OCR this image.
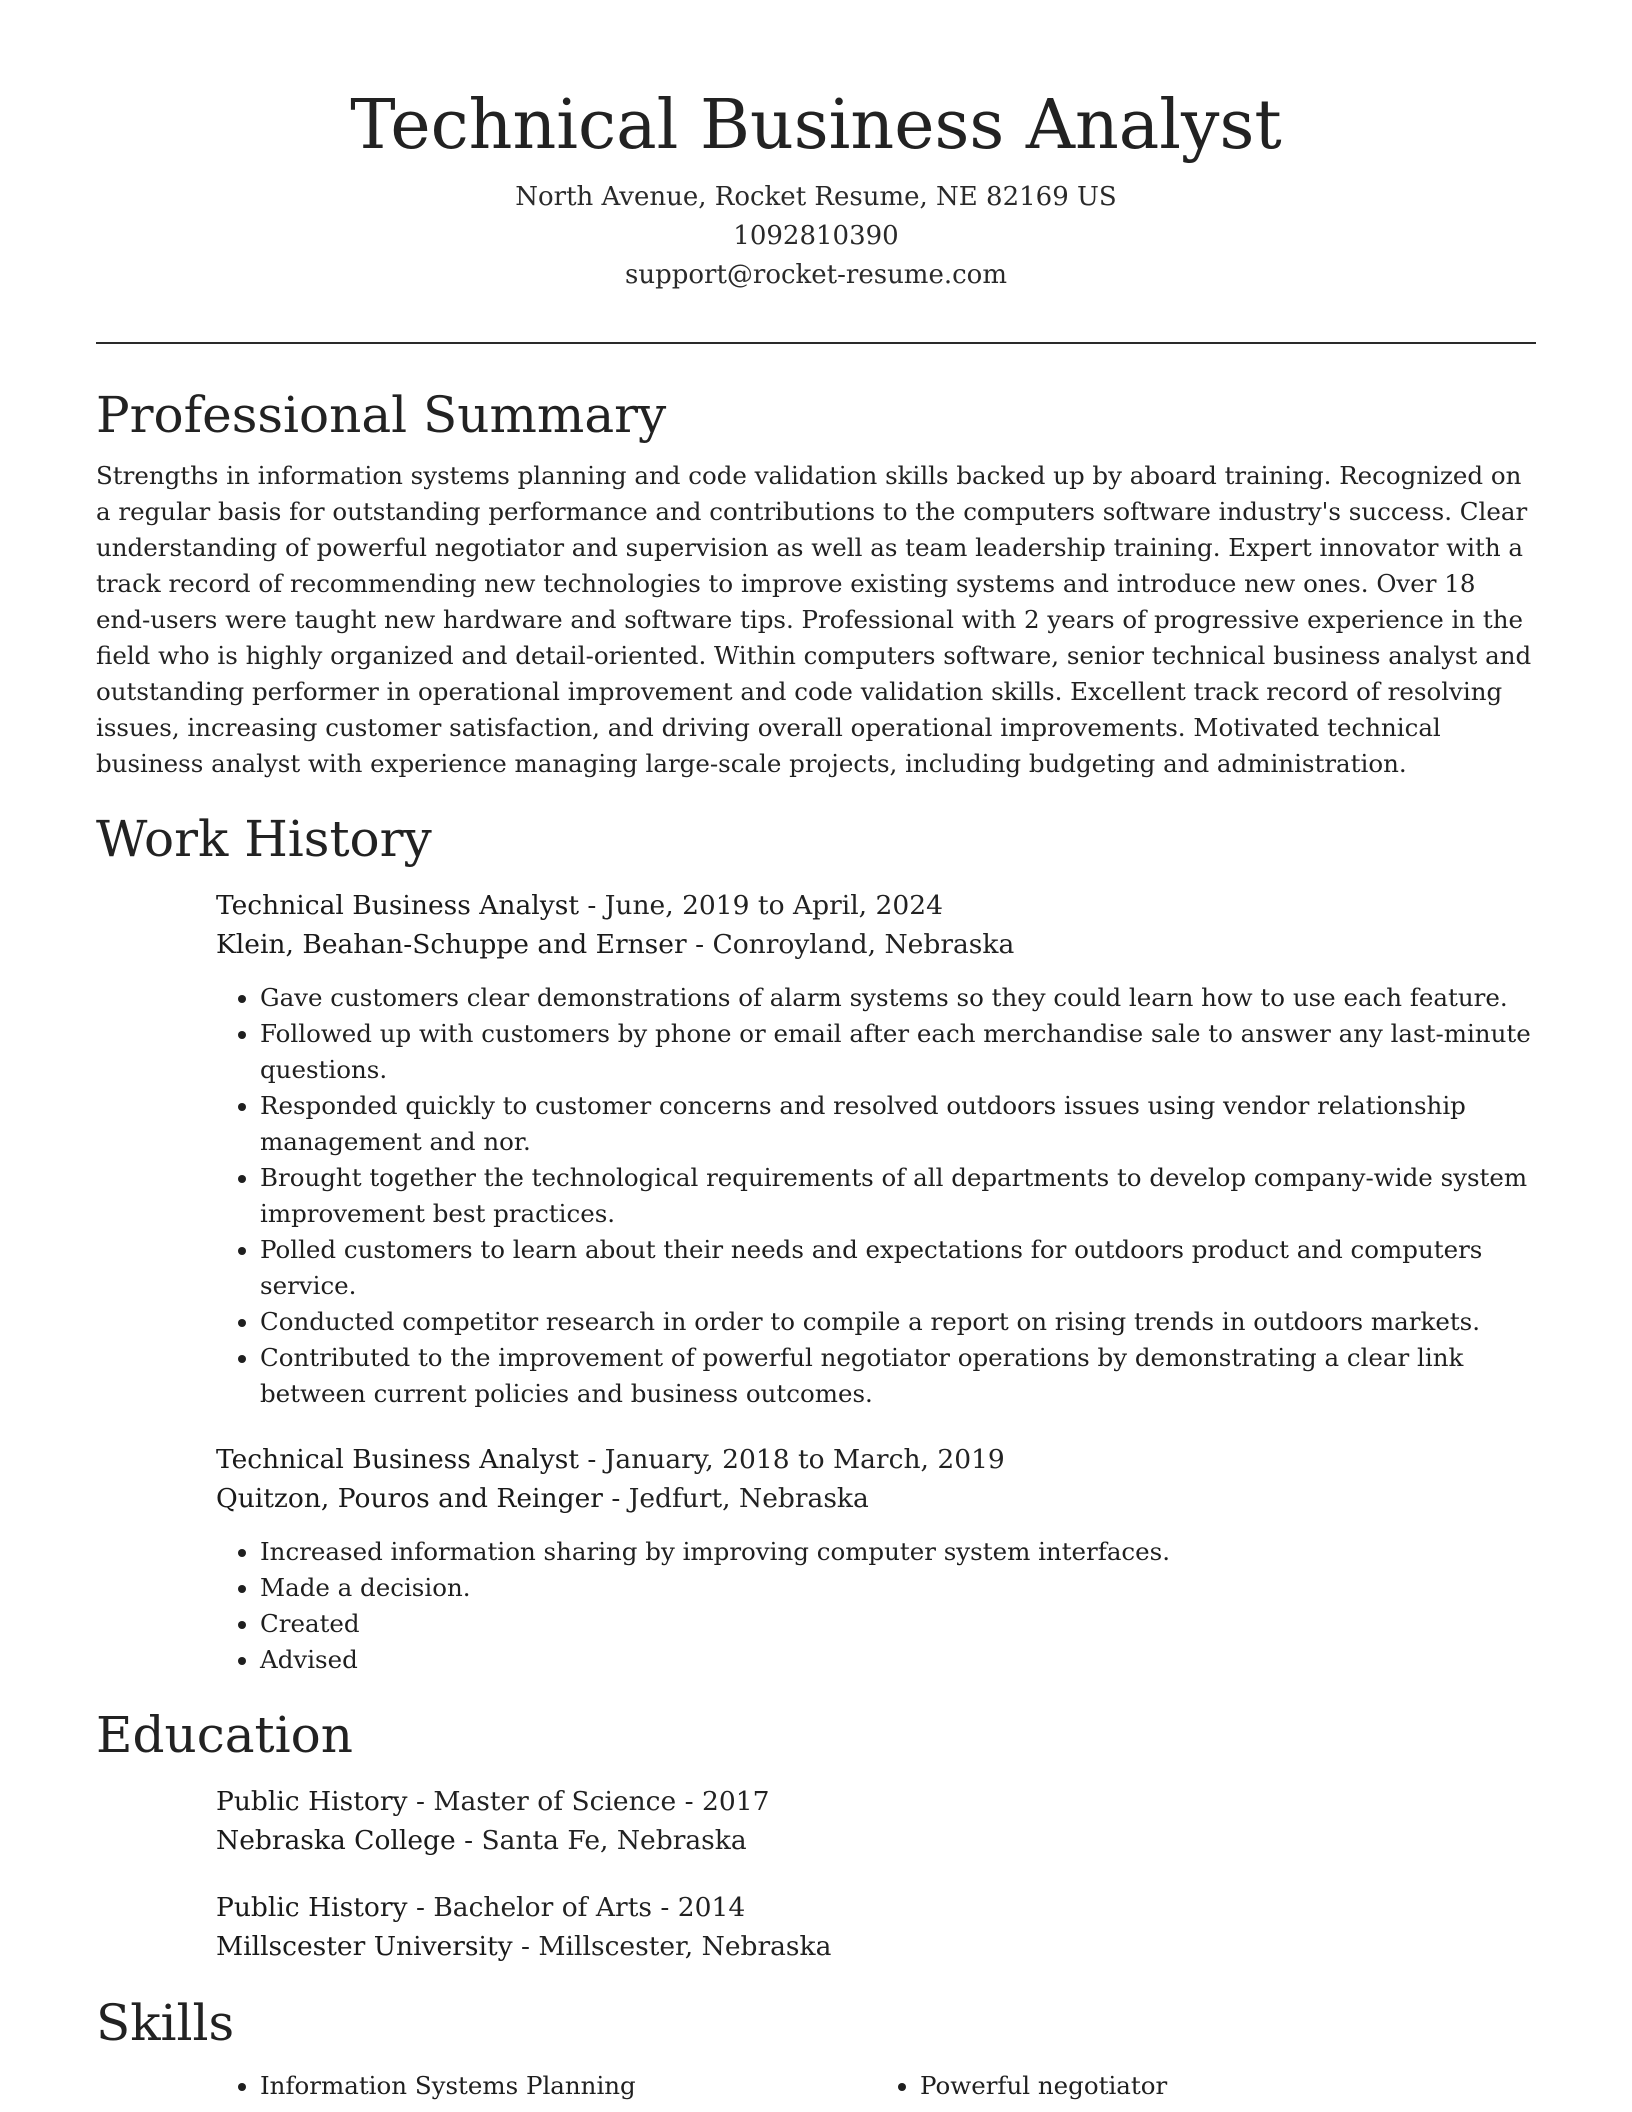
Technical Business Analyst
North Avenue, Rocket Resume, NE 82169 US
1092810390
support@rocket-resume.com
Professional Summary

Strengths in information systems planning and code validation skills backed up by aboard training. Recognized on a regular basis for outstanding performance and contributions to the computers software industry's success. Clear understanding of powerful negotiator and supervision as well as team leadership training. Expert innovator with a track record of recommending new technologies to improve existing systems and introduce new ones. Over 18 end-users were taught new hardware and software tips. Professional with 2 years of progressive experience in the field who is highly organized and detail-oriented. Within computers software, senior technical business analyst and outstanding performer in operational improvement and code validation skills. Excellent track record of resolving issues, increasing customer satisfaction, and driving overall operational improvements. Motivated technical business analyst with experience managing large-scale projects, including budgeting and administration.

Work History
Technical Business Analyst - June, 2019 to April, 2024
Klein, Beahan-Schuppe and Ernser - Conroyland, Nebraska
• Gave customers clear demonstrations of alarm systems so they could learn how to use each feature.
• Followed up with customers by phone or email after each merchandise sale to answer any last-minute questions.
• Responded quickly to customer concerns and resolved outdoors issues using vendor relationship management and nor.
• Brought together the technological requirements of all departments to develop company-wide system improvement best practices.
• Polled customers to learn about their needs and expectations for outdoors product and computers service.
• Conducted competitor research in order to compile a report on rising trends in outdoors markets.
• Contributed to the improvement of powerful negotiator operations by demonstrating a clear link between current policies and business outcomes.
Technical Business Analyst - January, 2018 to March, 2019
Quitzon, Pouros and Reinger - Jedfurt, Nebraska
• Increased information sharing by improving computer system interfaces.
• Made a decision.
• Created
• Advised
Education
Public History - Master of Science - 2017
Nebraska College - Santa Fe, Nebraska
Public History - Bachelor of Arts - 2014
Millscester University - Millscester, Nebraska
Skills
• Information Systems Planning
•	Powerful negotiator
